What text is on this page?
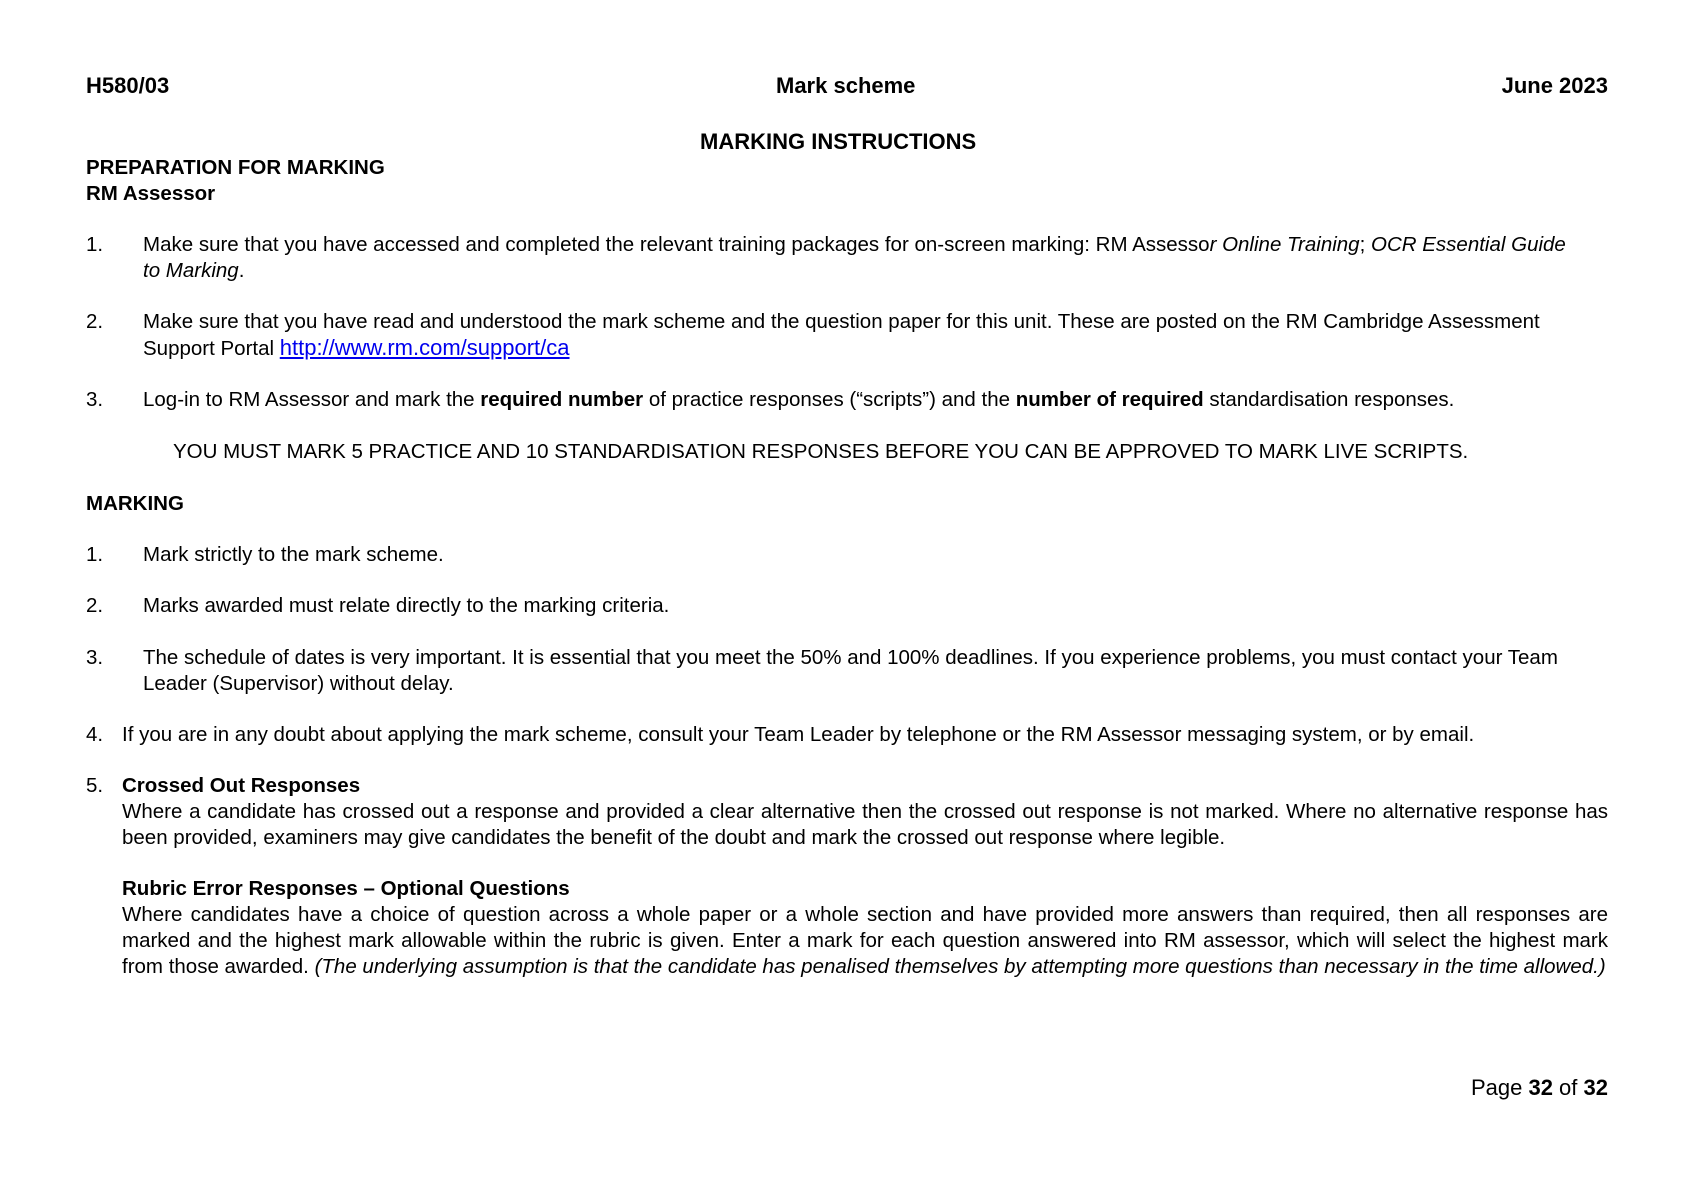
H580/03	Mark scheme	June 2023
MARKING INSTRUCTIONS
PREPARATION FOR MARKING
RM Assessor
1. Make sure that you have accessed and completed the relevant training packages for on-screen marking: RM Assessor Online Training; OCR Essential Guide to Marking.
2. Make sure that you have read and understood the mark scheme and the question paper for this unit. These are posted on the RM Cambridge Assessment Support Portal http://www.rm.com/support/ca
3. Log-in to RM Assessor and mark the required number of practice responses (“scripts”) and the number of required standardisation responses.
YOU MUST MARK 5 PRACTICE AND 10 STANDARDISATION RESPONSES BEFORE YOU CAN BE APPROVED TO MARK LIVE SCRIPTS.
MARKING
1. Mark strictly to the mark scheme.
2. Marks awarded must relate directly to the marking criteria.
3. The schedule of dates is very important. It is essential that you meet the 50% and 100% deadlines. If you experience problems, you must contact your Team Leader (Supervisor) without delay.
4. If you are in any doubt about applying the mark scheme, consult your Team Leader by telephone or the RM Assessor messaging system, or by email.
5. Crossed Out Responses
Where a candidate has crossed out a response and provided a clear alternative then the crossed out response is not marked. Where no alternative response has been provided, examiners may give candidates the benefit of the doubt and mark the crossed out response where legible.
Rubric Error Responses – Optional Questions
Where candidates have a choice of question across a whole paper or a whole section and have provided more answers than required, then all responses are marked and the highest mark allowable within the rubric is given. Enter a mark for each question answered into RM assessor, which will select the highest mark from those awarded. (The underlying assumption is that the candidate has penalised themselves by attempting more questions than necessary in the time allowed.)
Page 32 of 32
